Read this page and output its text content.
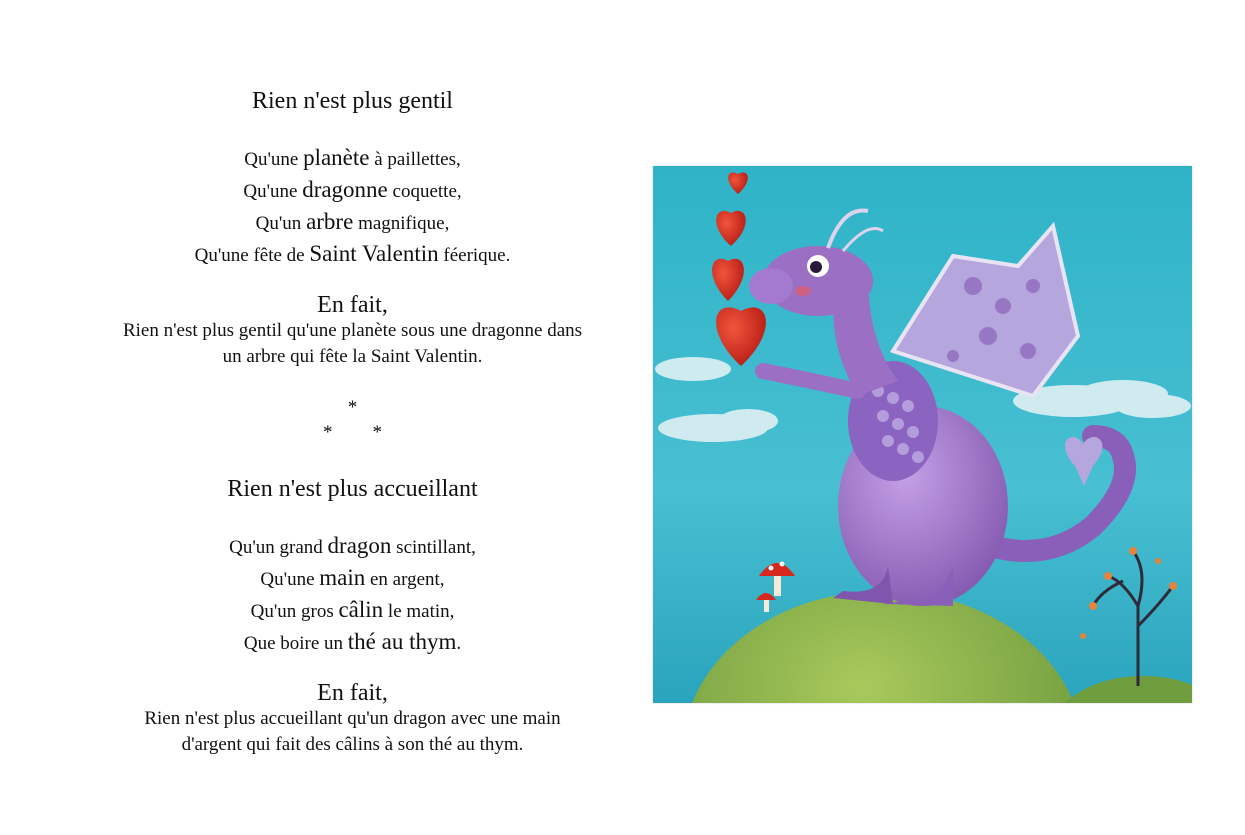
Rien n'est plus gentil
Qu'une planète à paillettes,
Qu'une dragonne coquette,
Qu'un arbre magnifique,
Qu'une fête de Saint Valentin féerique.
En fait,
Rien n'est plus gentil qu'une planète sous une dragonne dans
un arbre qui fête la Saint Valentin.
*
* *
Rien n'est plus accueillant
Qu'un grand dragon scintillant,
Qu'une main en argent,
Qu'un gros câlin le matin,
Que boire un thé au thym.
En fait,
Rien n'est plus accueillant qu'un dragon avec une main
d'argent qui fait des câlins à son thé au thym.
